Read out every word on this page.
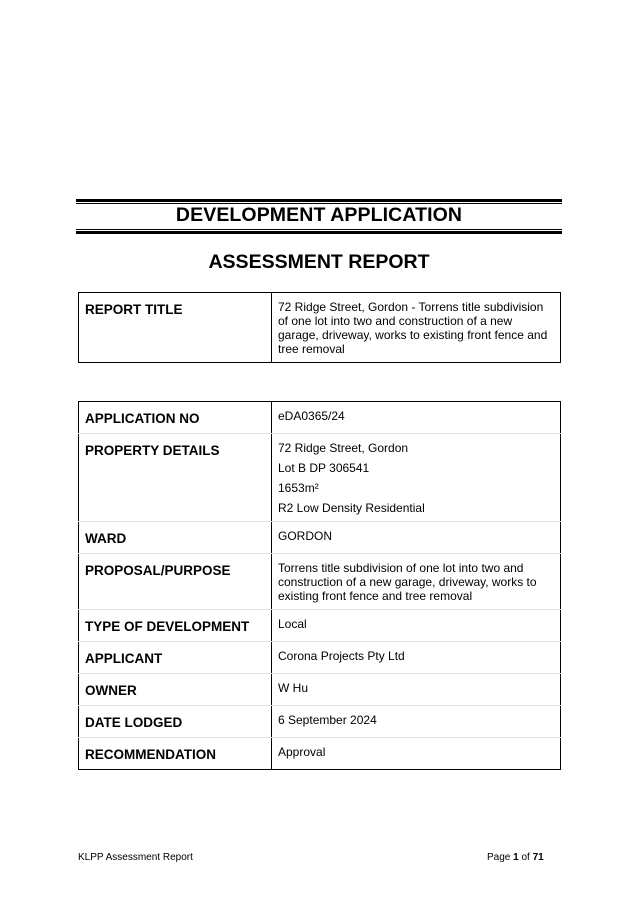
DEVELOPMENT APPLICATION
ASSESSMENT REPORT
REPORT TITLE	72 Ridge Street, Gordon - Torrens title subdivision of one lot into two and construction of a new garage, driveway, works to existing front fence and tree removal
APPLICATION NO	eDA0365/24
PROPERTY DETAILS	72 Ridge Street, Gordon
Lot B DP 306541
1653m²
R2 Low Density Residential

WARD	GORDON
PROPOSAL/PURPOSE	Torrens title subdivision of one lot into two and construction of a new garage, driveway, works to existing front fence and tree removal
TYPE OF DEVELOPMENT	Local
APPLICANT	Corona Projects Pty Ltd
OWNER	W Hu
DATE LODGED	6 September 2024
RECOMMENDATION	Approval
KLPP Assessment Report	Page 1 of 71
